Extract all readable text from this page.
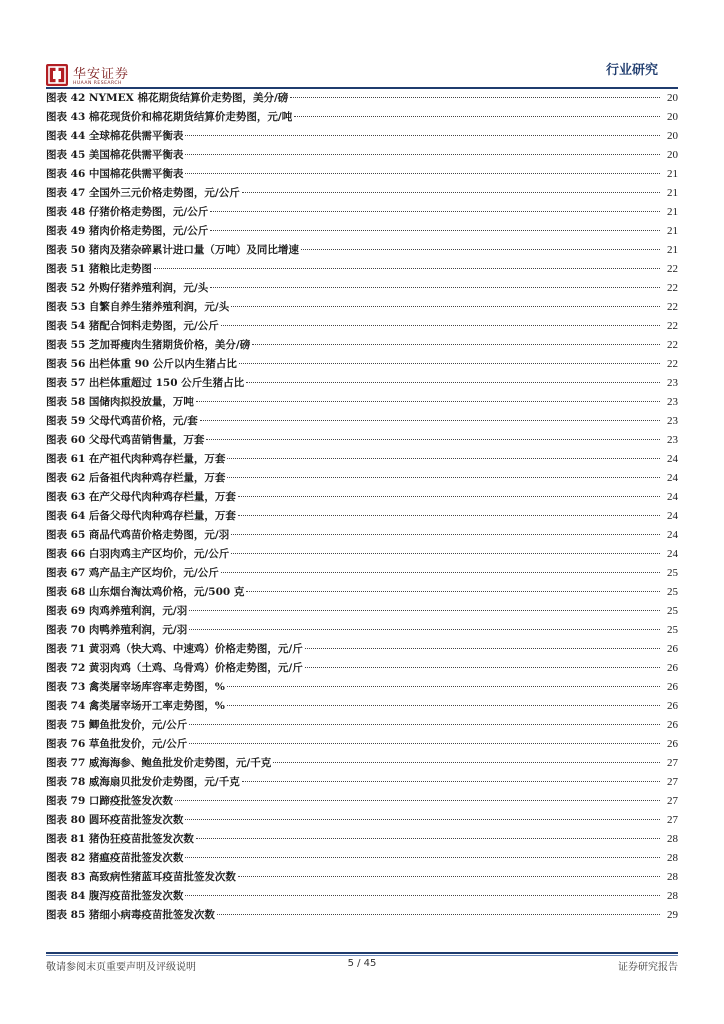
华安证券
HUAAN RESEARCH
行业研究
图表 42 NYMEX 棉花期货结算价走势图，美分/磅	20
图表 43 棉花现货价和棉花期货结算价走势图，元/吨	20
图表 44 全球棉花供需平衡表	20
图表 45 美国棉花供需平衡表	20
图表 46 中国棉花供需平衡表	21
图表 47 全国外三元价格走势图，元/公斤	21
图表 48 仔猪价格走势图，元/公斤	21
图表 49 猪肉价格走势图，元/公斤	21
图表 50 猪肉及猪杂碎累计进口量（万吨）及同比增速	21
图表 51 猪粮比走势图	22
图表 52 外购仔猪养殖利润，元/头	22
图表 53 自繁自养生猪养殖利润，元/头	22
图表 54 猪配合饲料走势图，元/公斤	22
图表 55 芝加哥瘦肉生猪期货价格，美分/磅	22
图表 56 出栏体重 90 公斤以内生猪占比	22
图表 57 出栏体重超过 150 公斤生猪占比	23
图表 58 国储肉拟投放量，万吨	23
图表 59 父母代鸡苗价格，元/套	23
图表 60 父母代鸡苗销售量，万套	23
图表 61 在产祖代肉种鸡存栏量，万套	24
图表 62 后备祖代肉种鸡存栏量，万套	24
图表 63 在产父母代肉种鸡存栏量，万套	24
图表 64 后备父母代肉种鸡存栏量，万套	24
图表 65 商品代鸡苗价格走势图，元/羽	24
图表 66 白羽肉鸡主产区均价，元/公斤	24
图表 67 鸡产品主产区均价，元/公斤	25
图表 68 山东烟台淘汰鸡价格，元/500 克	25
图表 69 肉鸡养殖利润，元/羽	25
图表 70 肉鸭养殖利润，元/羽	25
图表 71 黄羽鸡（快大鸡、中速鸡）价格走势图，元/斤	26
图表 72 黄羽肉鸡（土鸡、乌骨鸡）价格走势图，元/斤	26
图表 73 禽类屠宰场库容率走势图，%	26
图表 74 禽类屠宰场开工率走势图，%	26
图表 75 鲫鱼批发价，元/公斤	26
图表 76 草鱼批发价，元/公斤	26
图表 77 威海海参、鲍鱼批发价走势图，元/千克	27
图表 78 威海扇贝批发价走势图，元/千克	27
图表 79 口蹄疫批签发次数	27
图表 80 圆环疫苗批签发次数	27
图表 81 猪伪狂疫苗批签发次数	28
图表 82 猪瘟疫苗批签发次数	28
图表 83 高致病性猪蓝耳疫苗批签发次数	28
图表 84 腹泻疫苗批签发次数	28
图表 85 猪细小病毒疫苗批签发次数	29
敬请参阅末页重要声明及评级说明	5 / 45	证券研究报告
